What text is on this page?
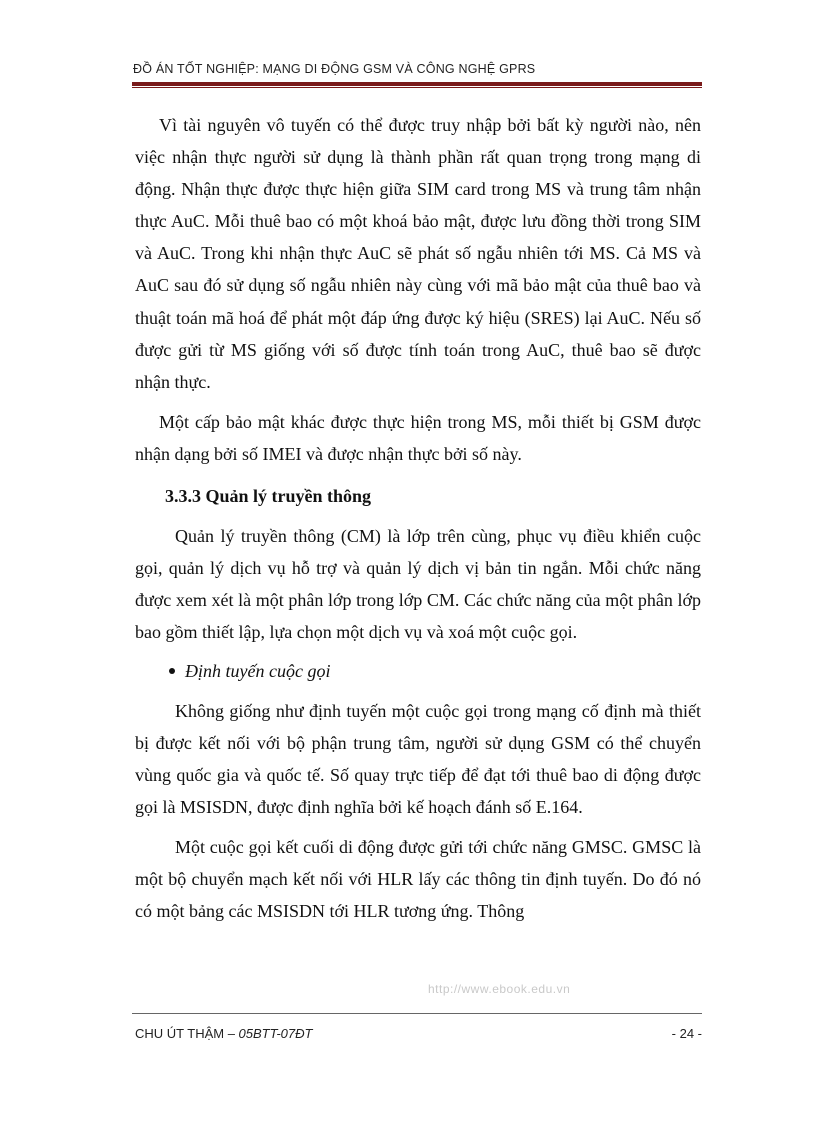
ĐỒ ÁN TỐT NGHIỆP: MẠNG DI ĐỘNG GSM VÀ CÔNG NGHỆ GPRS

Vì tài nguyên vô tuyến có thể được truy nhập bởi bất kỳ người nào, nên việc nhận thực người sử dụng là thành phần rất quan trọng trong mạng di động. Nhận thực được thực hiện giữa SIM card trong MS và trung tâm nhận thực AuC. Mỗi thuê bao có một khoá bảo mật, được lưu đồng thời trong SIM và AuC. Trong khi nhận thực AuC sẽ phát số ngẫu nhiên tới MS. Cả MS và AuC sau đó sử dụng số ngẫu nhiên này cùng với mã bảo mật của thuê bao và thuật toán mã hoá để phát một đáp ứng được ký hiệu (SRES) lại AuC. Nếu số được gửi từ MS giống với số được tính toán trong AuC, thuê bao sẽ được nhận thực.

Một cấp bảo mật khác được thực hiện trong MS, mỗi thiết bị GSM được nhận dạng bởi số IMEI và được nhận thực bởi số này.

3.3.3 Quản lý truyền thông

Quản lý truyền thông (CM) là lớp trên cùng, phục vụ điều khiển cuộc gọi, quản lý dịch vụ hỗ trợ và quản lý dịch vị bản tin ngắn. Mỗi chức năng được xem xét là một phân lớp trong lớp CM. Các chức năng của một phân lớp bao gồm thiết lập, lựa chọn một dịch vụ và xoá một cuộc gọi.

Định tuyến cuộc gọi

Không giống như định tuyến một cuộc gọi trong mạng cố định mà thiết bị được kết nối với bộ phận trung tâm, người sử dụng GSM có thể chuyển vùng quốc gia và quốc tế. Số quay trực tiếp để đạt tới thuê bao di động được gọi là MSISDN, được định nghĩa bởi kế hoạch đánh số E.164.

Một cuộc gọi kết cuối di động được gửi tới chức năng GMSC. GMSC là một bộ chuyển mạch kết nối với HLR lấy các thông tin định tuyến. Do đó nó có một bảng các MSISDN tới HLR tương ứng. Thông

http://www.ebook.edu.vn
CHU ÚT THẬM – 05BTT-07ĐT	- 24 -
